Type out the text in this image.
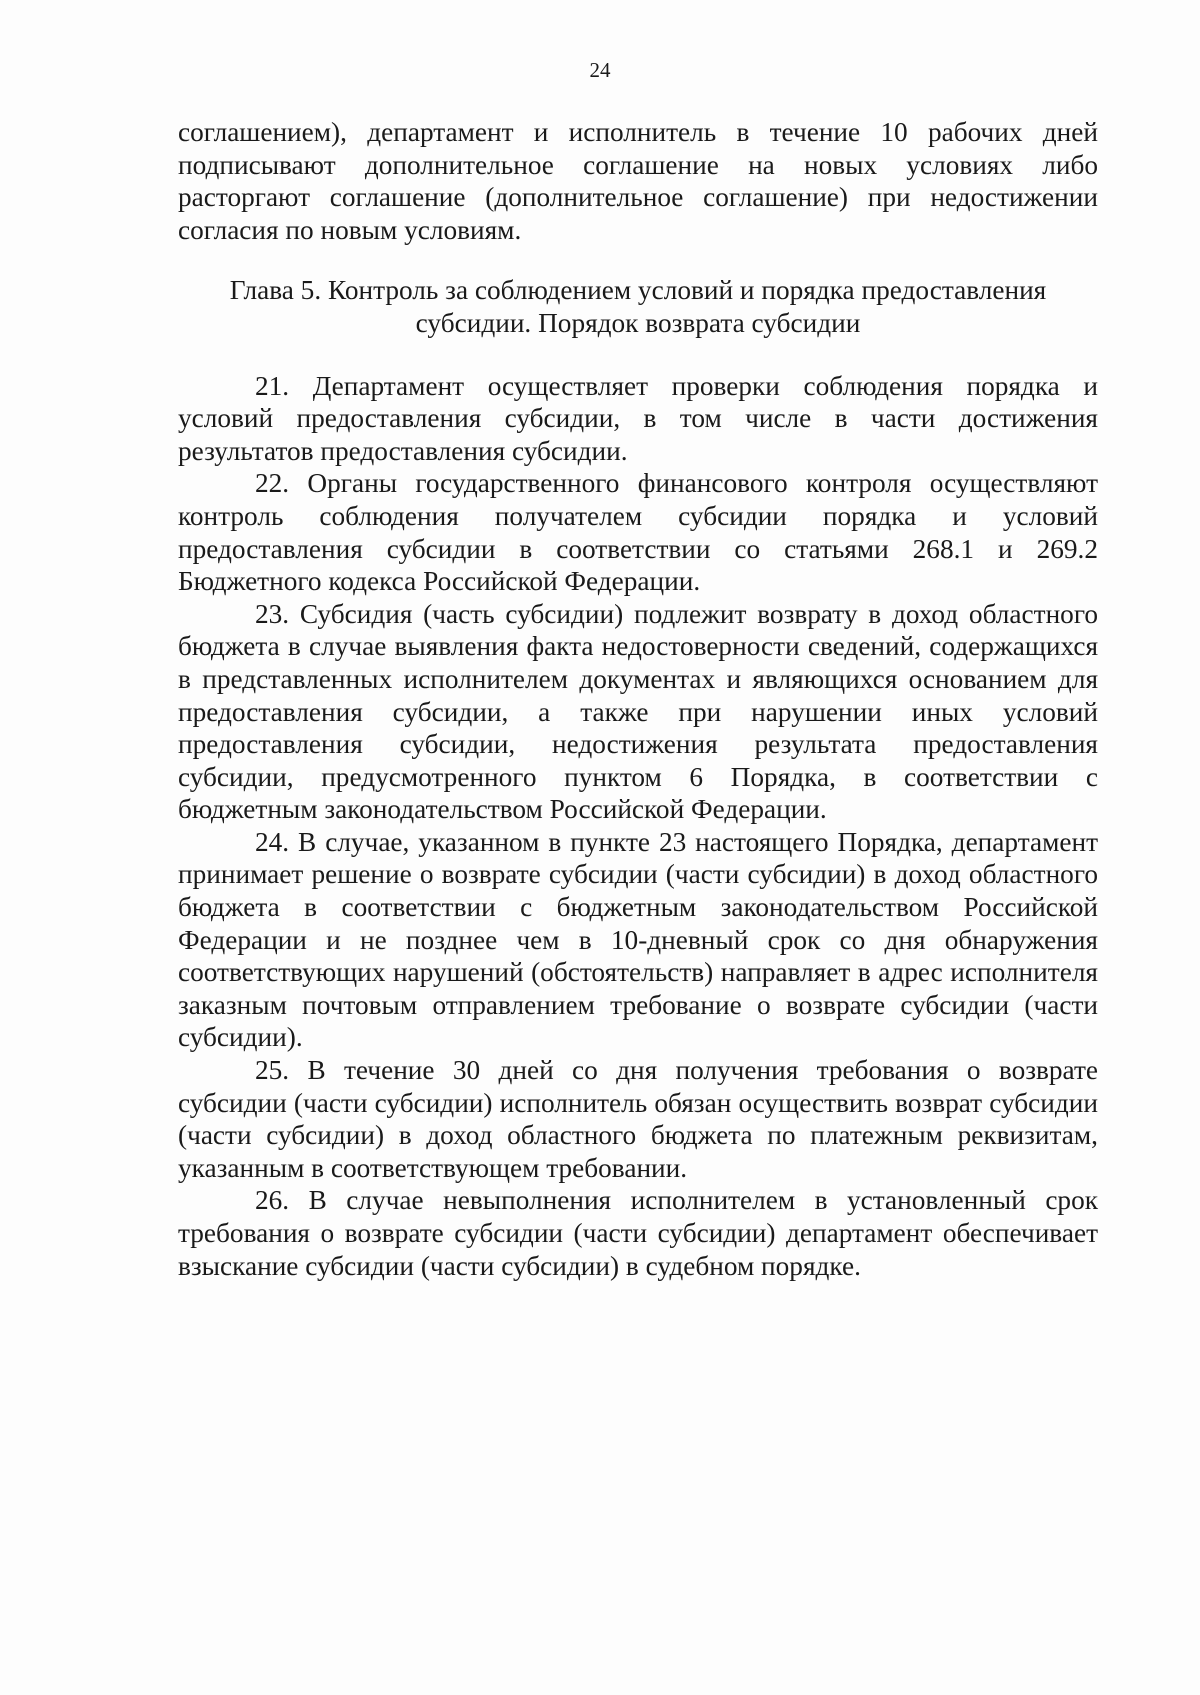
24

соглашением), департамент и исполнитель в течение 10 рабочих дней подписывают дополнительное соглашение на новых условиях либо расторгают соглашение (дополнительное соглашение) при недостижении согласия по новым условиям.

Глава 5. Контроль за соблюдением условий и порядка предоставления
субсидии. Порядок возврата субсидии

21. Департамент осуществляет проверки соблюдения порядка и условий предоставления субсидии, в том числе в части достижения результатов предоставления субсидии.

22. Органы государственного финансового контроля осуществляют контроль соблюдения получателем субсидии порядка и условий предоставления субсидии в соответствии со статьями 268.1 и 269.2 Бюджетного кодекса Российской Федерации.

23. Субсидия (часть субсидии) подлежит возврату в доход областного бюджета в случае выявления факта недостоверности сведений, содержащихся в представленных исполнителем документах и являющихся основанием для предоставления субсидии, а также при нарушении иных условий предоставления субсидии, недостижения результата предоставления субсидии, предусмотренного пунктом 6 Порядка, в соответствии с бюджетным законодательством Российской Федерации.

24. В случае, указанном в пункте 23 настоящего Порядка, департамент принимает решение о возврате субсидии (части субсидии) в доход областного бюджета в соответствии с бюджетным законодательством Российской Федерации и не позднее чем в 10-дневный срок со дня обнаружения соответствующих нарушений (обстоятельств) направляет в адрес исполнителя заказным почтовым отправлением требование о возврате субсидии (части субсидии).

25. В течение 30 дней со дня получения требования о возврате субсидии (части субсидии) исполнитель обязан осуществить возврат субсидии (части субсидии) в доход областного бюджета по платежным реквизитам, указанным в соответствующем требовании.

26. В случае невыполнения исполнителем в установленный срок требования о возврате субсидии (части субсидии) департамент обеспечивает взыскание субсидии (части субсидии) в судебном порядке.
